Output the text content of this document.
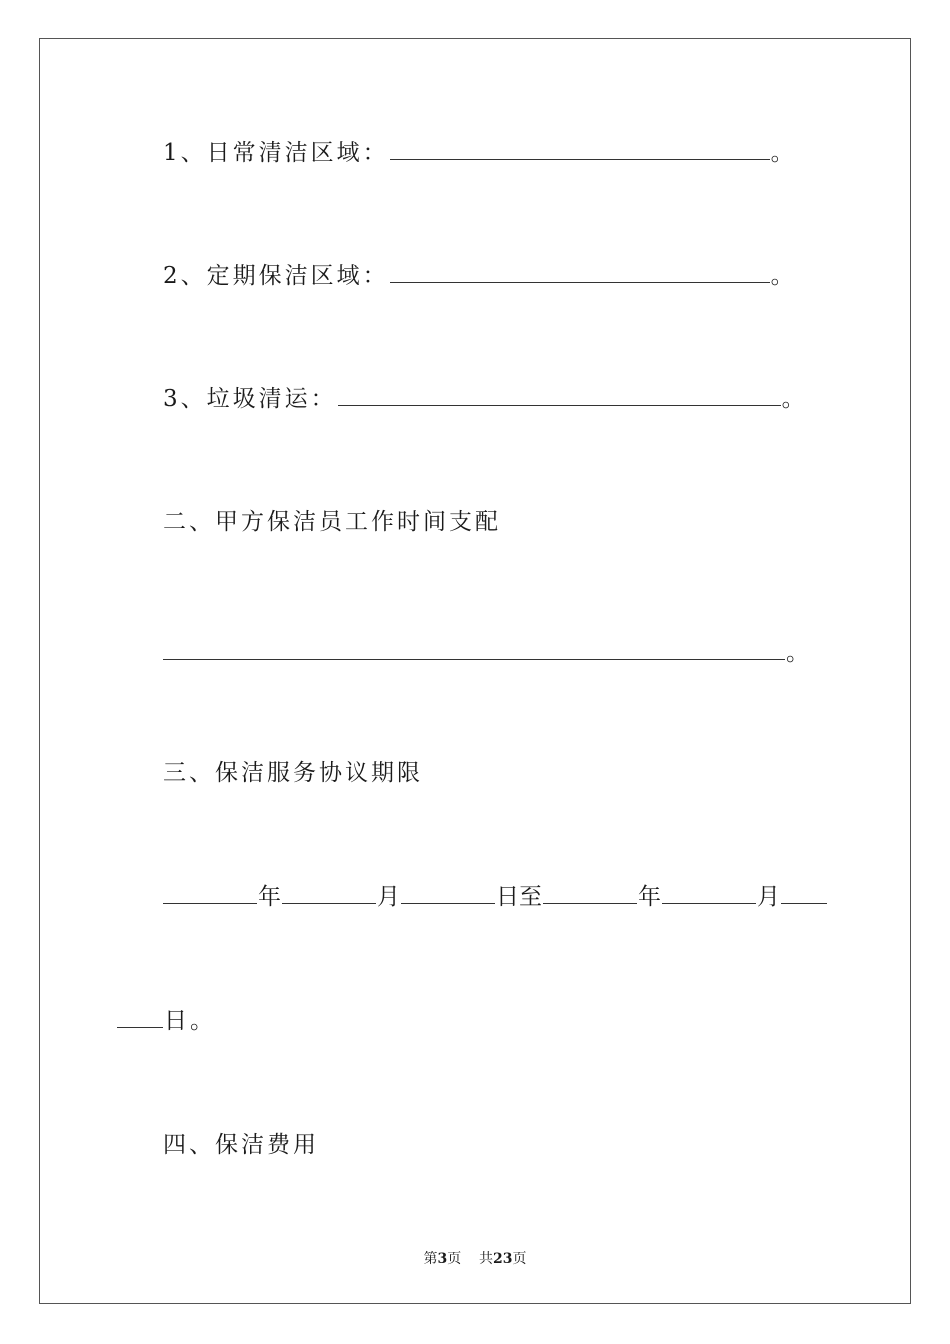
1、日常清洁区域：	。
2、定期保洁区域：	。
3、垃圾清运：	。
二、甲方保洁员工作时间支配
。
三、保洁服务协议期限
年	月	日至	年	月
日。
四、保洁费用
第3页 共23页
